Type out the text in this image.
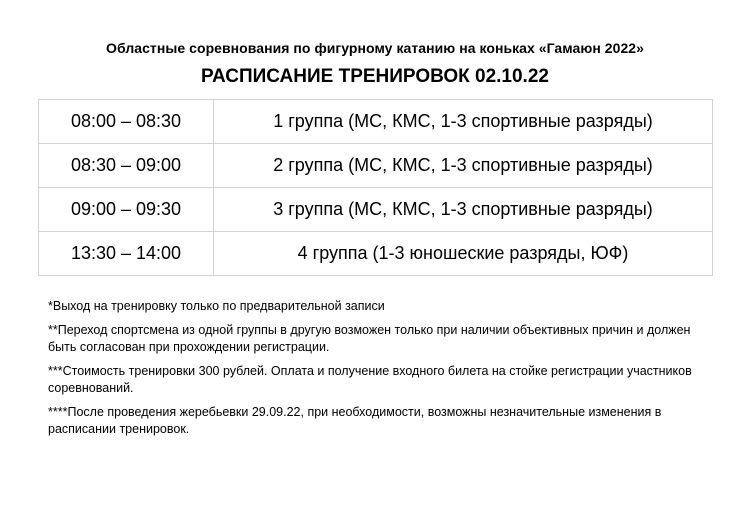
Областные соревнования по фигурному катанию на коньках «Гамаюн 2022»
РАСПИСАНИЕ ТРЕНИРОВОК 02.10.22
08:00 – 08:30	1 группа (МС, КМС, 1-3 спортивные разряды)
08:30 – 09:00	2 группа (МС, КМС, 1-3 спортивные разряды)
09:00 – 09:30	3 группа (МС, КМС, 1-3 спортивные разряды)
13:30 – 14:00	4 группа (1-3 юношеские разряды, ЮФ)

*Выход на тренировку только по предварительной записи

**Переход спортсмена из одной группы в другую возможен только при наличии объективных причин и должен быть согласован при прохождении регистрации.

***Стоимость тренировки 300 рублей. Оплата и получение входного билета на стойке регистрации участников соревнований.

****После проведения жеребьевки 29.09.22, при необходимости, возможны незначительные изменения в расписании тренировок.
